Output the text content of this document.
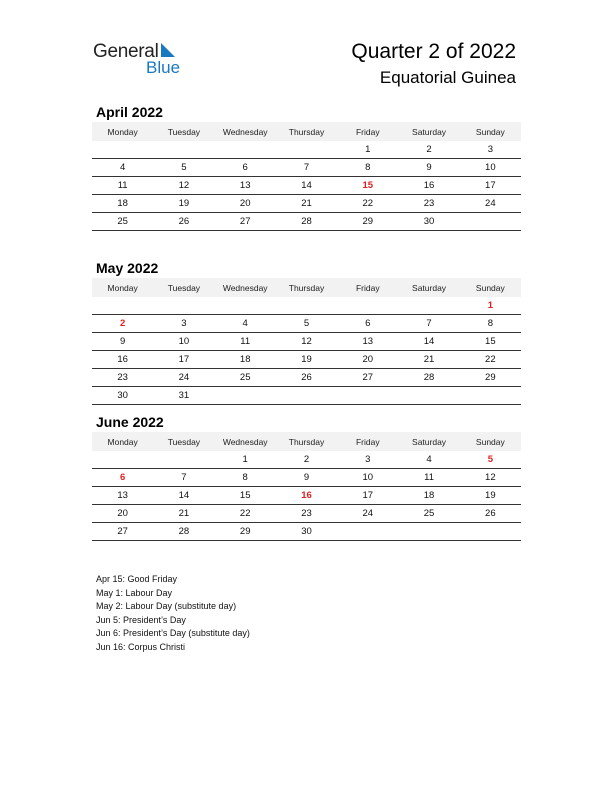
General
Blue
Quarter 2 of 2022
Equatorial Guinea
April 2022
Monday	Tuesday	Wednesday	Thursday	Friday	Saturday	Sunday
				1	2	3
4	5	6	7	8	9	10
11	12	13	14	15	16	17
18	19	20	21	22	23	24
25	26	27	28	29	30	
May 2022
Monday	Tuesday	Wednesday	Thursday	Friday	Saturday	Sunday
						1
2	3	4	5	6	7	8
9	10	11	12	13	14	15
16	17	18	19	20	21	22
23	24	25	26	27	28	29
30	31					
June 2022
Monday	Tuesday	Wednesday	Thursday	Friday	Saturday	Sunday
		1	2	3	4	5
6	7	8	9	10	11	12
13	14	15	16	17	18	19
20	21	22	23	24	25	26
27	28	29	30			
Apr 15: Good Friday
May 1: Labour Day
May 2: Labour Day (substitute day)
Jun 5: President’s Day
Jun 6: President’s Day (substitute day)
Jun 16: Corpus Christi
